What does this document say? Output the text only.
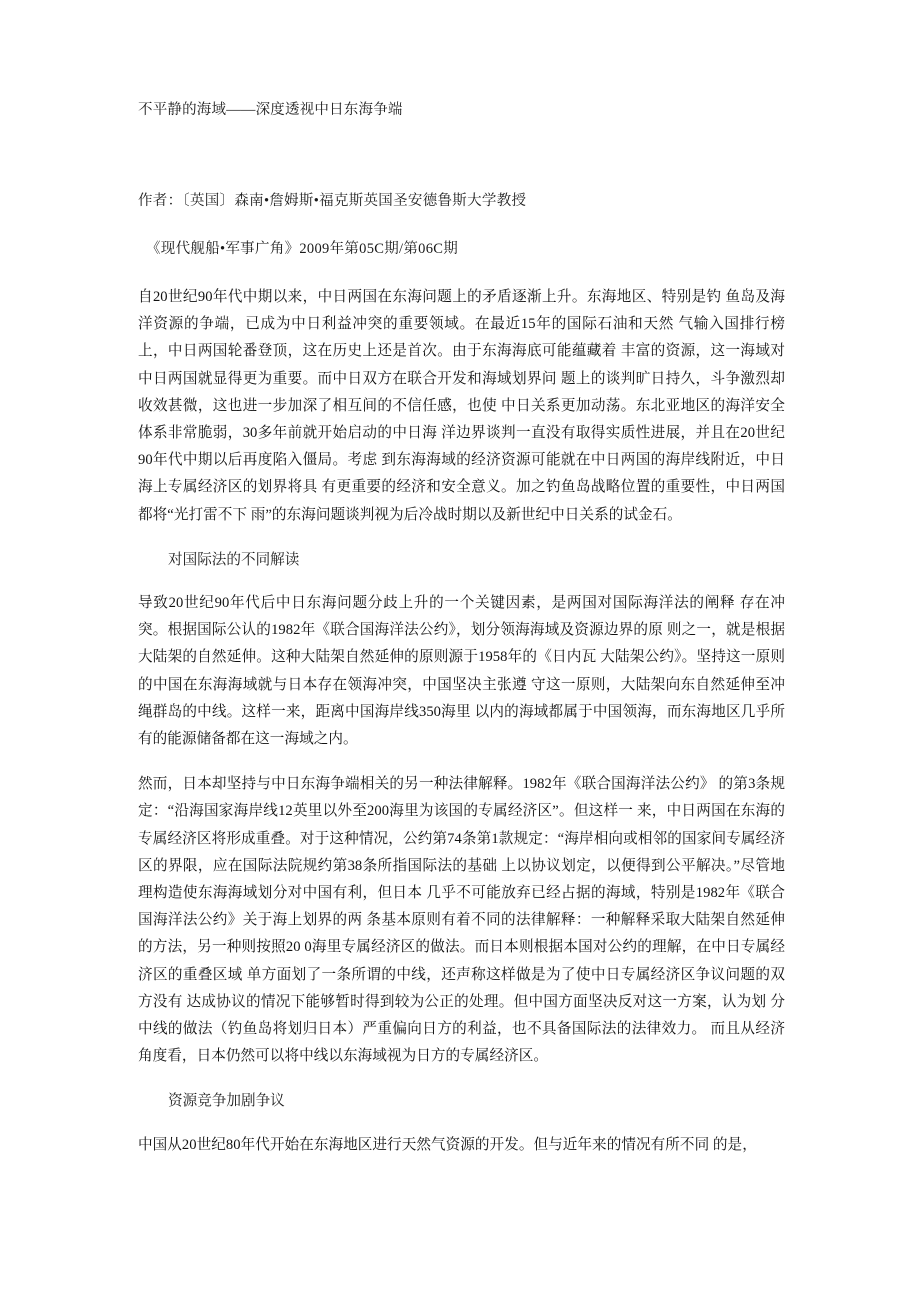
不平静的海域——深度透视中日东海争端
作者：〔英国〕森南•詹姆斯•福克斯英国圣安德鲁斯大学教授
《现代舰船•军事广角》2009年第05C期/第06C期

自20世纪90年代中期以来，中日两国在东海问题上的矛盾逐渐上升。东海地区、特别是钓 鱼岛及海洋资源的争端，已成为中日利益冲突的重要领域。在最近15年的国际石油和天然 气输入国排行榜上，中日两国轮番登顶，这在历史上还是首次。由于东海海底可能蕴藏着 丰富的资源，这一海域对中日两国就显得更为重要。而中日双方在联合开发和海域划界问 题上的谈判旷日持久，斗争激烈却收效甚微，这也进一步加深了相互间的不信任感，也使 中日关系更加动荡。东北亚地区的海洋安全体系非常脆弱，30多年前就开始启动的中日海 洋边界谈判一直没有取得实质性进展，并且在20世纪90年代中期以后再度陷入僵局。考虑 到东海海域的经济资源可能就在中日两国的海岸线附近，中日海上专属经济区的划界将具 有更重要的经济和安全意义。加之钓鱼岛战略位置的重要性，中日两国都将“光打雷不下 雨”的东海问题谈判视为后冷战时期以及新世纪中日关系的试金石。

对国际法的不同解读

导致20世纪90年代后中日东海问题分歧上升的一个关键因素，是两国对国际海洋法的阐释 存在冲突。根据国际公认的1982年《联合国海洋法公约》，划分领海海域及资源边界的原 则之一，就是根据大陆架的自然延伸。这种大陆架自然延伸的原则源于1958年的《日内瓦 大陆架公约》。坚持这一原则的中国在东海海域就与日本存在领海冲突，中国坚决主张遵 守这一原则，大陆架向东自然延伸至冲绳群岛的中线。这样一来，距离中国海岸线350海里 以内的海域都属于中国领海，而东海地区几乎所有的能源储备都在这一海域之内。

然而，日本却坚持与中日东海争端相关的另一种法律解释。1982年《联合国海洋法公约》 的第3条规定：“沿海国家海岸线12英里以外至200海里为该国的专属经济区”。但这样一 来，中日两国在东海的专属经济区将形成重叠。对于这种情况，公约第74条第1款规定：“海岸相向或相邻的国家间专属经济区的界限，应在国际法院规约第38条所指国际法的基础 上以协议划定，以便得到公平解决。”尽管地理构造使东海海域划分对中国有利，但日本 几乎不可能放弃已经占据的海域，特别是1982年《联合国海洋法公约》关于海上划界的两 条基本原则有着不同的法律解释：一种解释采取大陆架自然延伸的方法，另一种则按照20 0海里专属经济区的做法。而日本则根据本国对公约的理解，在中日专属经济区的重叠区域 单方面划了一条所谓的中线，还声称这样做是为了使中日专属经济区争议问题的双方没有 达成协议的情况下能够暂时得到较为公正的处理。但中国方面坚决反对这一方案，认为划 分中线的做法（钓鱼岛将划归日本）严重偏向日方的利益，也不具备国际法的法律效力。 而且从经济角度看，日本仍然可以将中线以东海域视为日方的专属经济区。

资源竞争加剧争议

中国从20世纪80年代开始在东海地区进行天然气资源的开发。但与近年来的情况有所不同 的是，
